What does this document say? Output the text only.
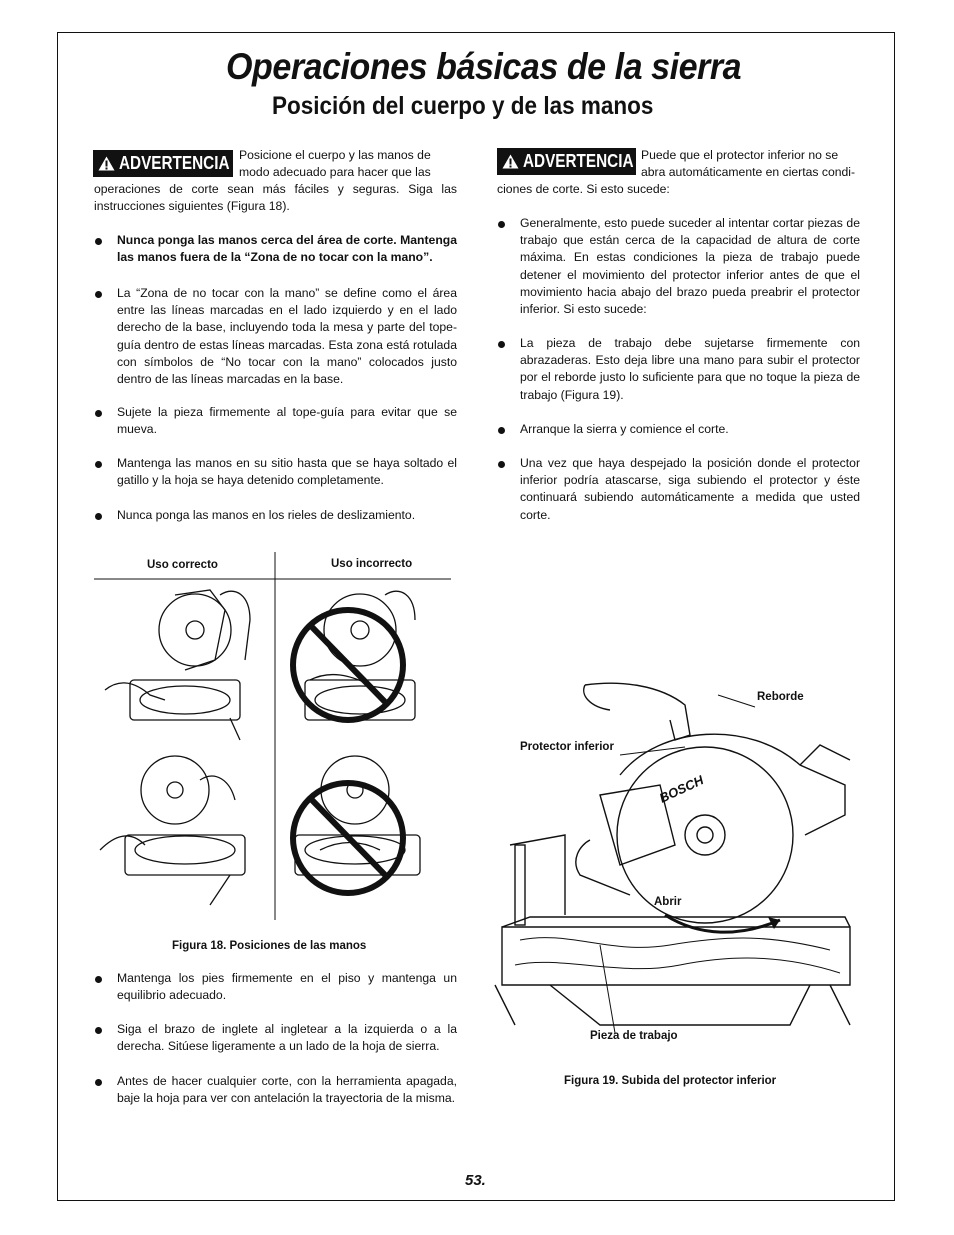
Operaciones básicas de la sierra
Posición del cuerpo y de las manos
ADVERTENCIA Posicione el cuerpo y las manos de
modo adecuado para hacer que las
operaciones de corte sean más fáciles y seguras. Siga las instrucciones siguientes (Figura 18).
Nunca ponga las manos cerca del área de corte. Mantenga las manos fuera de la “Zona de no tocar con la mano”.
La “Zona de no tocar con la mano” se define como el área entre las líneas marcadas en el lado izquierdo y en el lado derecho de la base, incluyendo toda la mesa y parte del tope-guía dentro de estas líneas marcadas. Esta zona está rotulada con símbolos de “No tocar con la mano” colocados justo dentro de las líneas marcadas en la base.
Sujete la pieza firmemente al tope-guía para evitar que se mueva.
Mantenga las manos en su sitio hasta que se haya soltado el gatillo y la hoja se haya detenido completamente.
Nunca ponga las manos en los rieles de deslizamiento.
Uso correcto	Uso incorrecto
Figura 18. Posiciones de las manos
Mantenga los pies firmemente en el piso y mantenga un equilibrio adecuado.
Siga el brazo de inglete al ingletear a la izquierda o a la derecha. Sitúese ligeramente a un lado de la hoja de sierra.
Antes de hacer cualquier corte, con la herramienta apagada, baje la hoja para ver con antelación la trayectoria de la misma.
ADVERTENCIA Puede que el protector inferior no se
abra automáticamente en ciertas condi-
ciones de corte. Si esto sucede:
Generalmente, esto puede suceder al intentar cortar piezas de trabajo que están cerca de la capacidad de altura de corte máxima. En estas condiciones la pieza de trabajo puede detener el movimiento del protector inferior antes de que el movimiento hacia abajo del brazo pueda preabrir el protector inferior. Si esto sucede:
La pieza de trabajo debe sujetarse firmemente con abrazaderas. Esto deja libre una mano para subir el protector por el reborde justo lo suficiente para que no toque la pieza de trabajo (Figura 19).
Arranque la sierra y comience el corte.
Una vez que haya despejado la posición donde el protector inferior podría atascarse, siga subiendo el protector y éste continuará subiendo automáticamente a medida que usted corte.
BOSCH
Reborde
Protector inferior
Abrir
Pieza de trabajo
Figura 19. Subida del protector inferior
53.
